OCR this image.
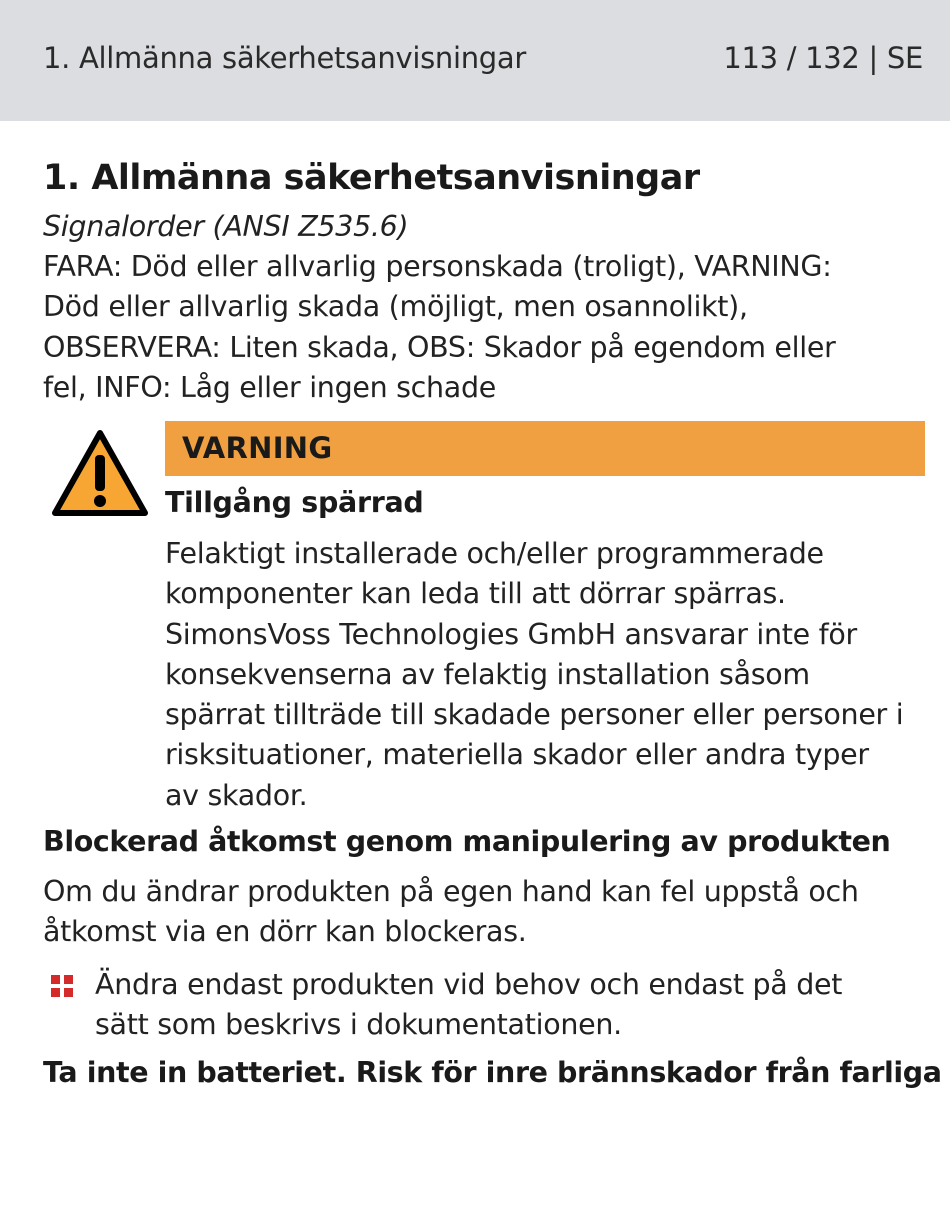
1. Allmänna säkerhetsanvisningar	113 / 132 | SE
1. Allmänna säkerhetsanvisningar
Signalorder (ANSI Z535.6)
FARA: Död eller allvarlig personskada (troligt), VARNING:
Död eller allvarlig skada (möjligt, men osannolikt),
OBSERVERA: Liten skada, OBS: Skador på egendom eller
fel, INFO: Låg eller ingen schade
VARNING
Tillgång spärrad
Felaktigt installerade och/eller programmerade
komponenter kan leda till att dörrar spärras.
SimonsVoss Technologies GmbH ansvarar inte för
konsekvenserna av felaktig installation såsom
spärrat tillträde till skadade personer eller personer i
risksituationer, materiella skador eller andra typer
av skador.
Blockerad åtkomst genom manipulering av produkten
Om du ändrar produkten på egen hand kan fel uppstå och
åtkomst via en dörr kan blockeras.
Ändra endast produkten vid behov och endast på det
sätt som beskrivs i dokumentationen.
Ta inte in batteriet. Risk för inre brännskador från farliga
